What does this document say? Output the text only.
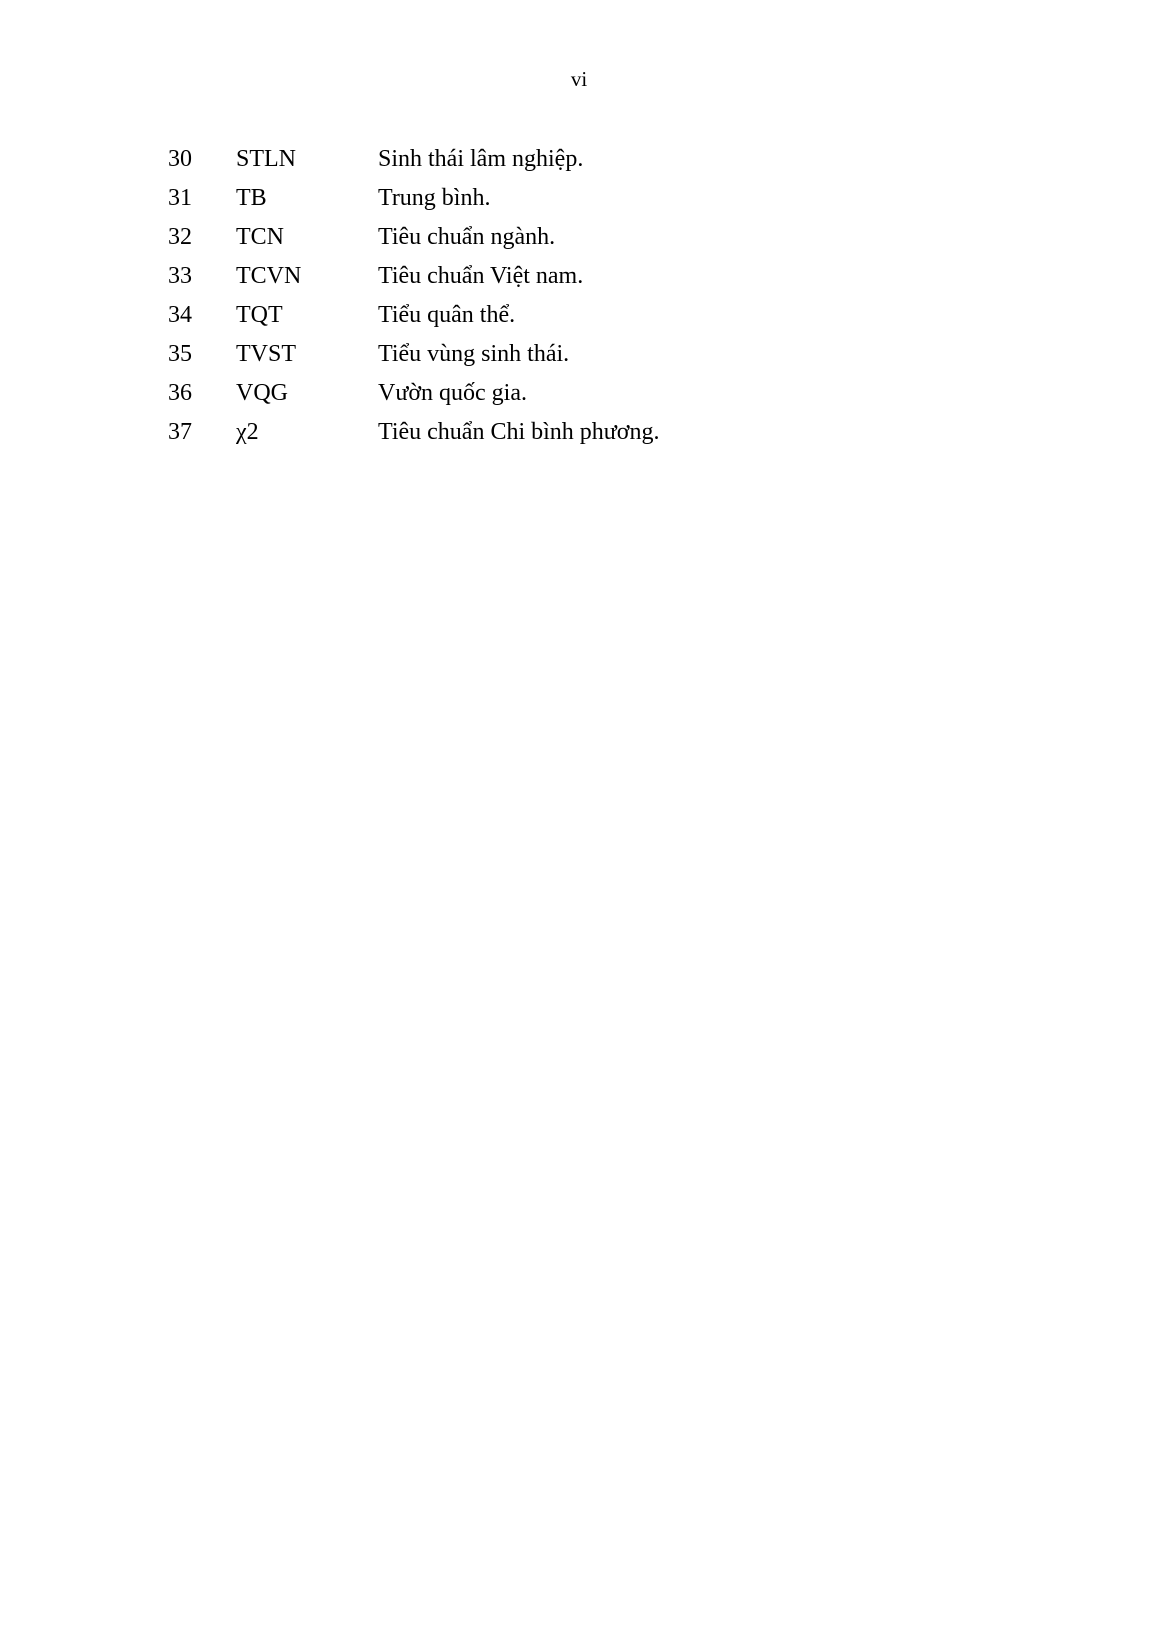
vi
30	STLN	Sinh thái lâm nghiệp.
31	TB	Trung bình.
32	TCN	Tiêu chuẩn ngành.
33	TCVN	Tiêu chuẩn Việt nam.
34	TQT	Tiểu quân thể.
35	TVST	Tiểu vùng sinh thái.
36	VQG	Vườn quốc gia.
37	χ2	Tiêu chuẩn Chi bình phương.
